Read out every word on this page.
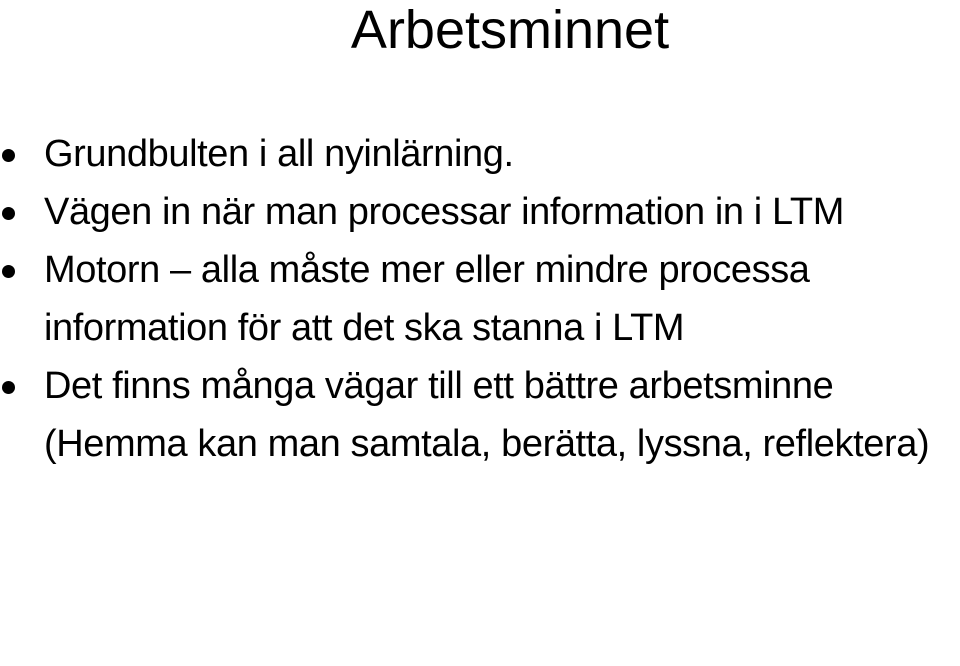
Arbetsminnet
Grundbulten i all nyinlärning.
Vägen in när man processar information in i LTM
Motorn – alla måste mer eller mindre processa information för att det ska stanna i LTM
Det finns många vägar till ett bättre arbetsminne (Hemma kan man samtala, berätta, lyssna, reflektera)
